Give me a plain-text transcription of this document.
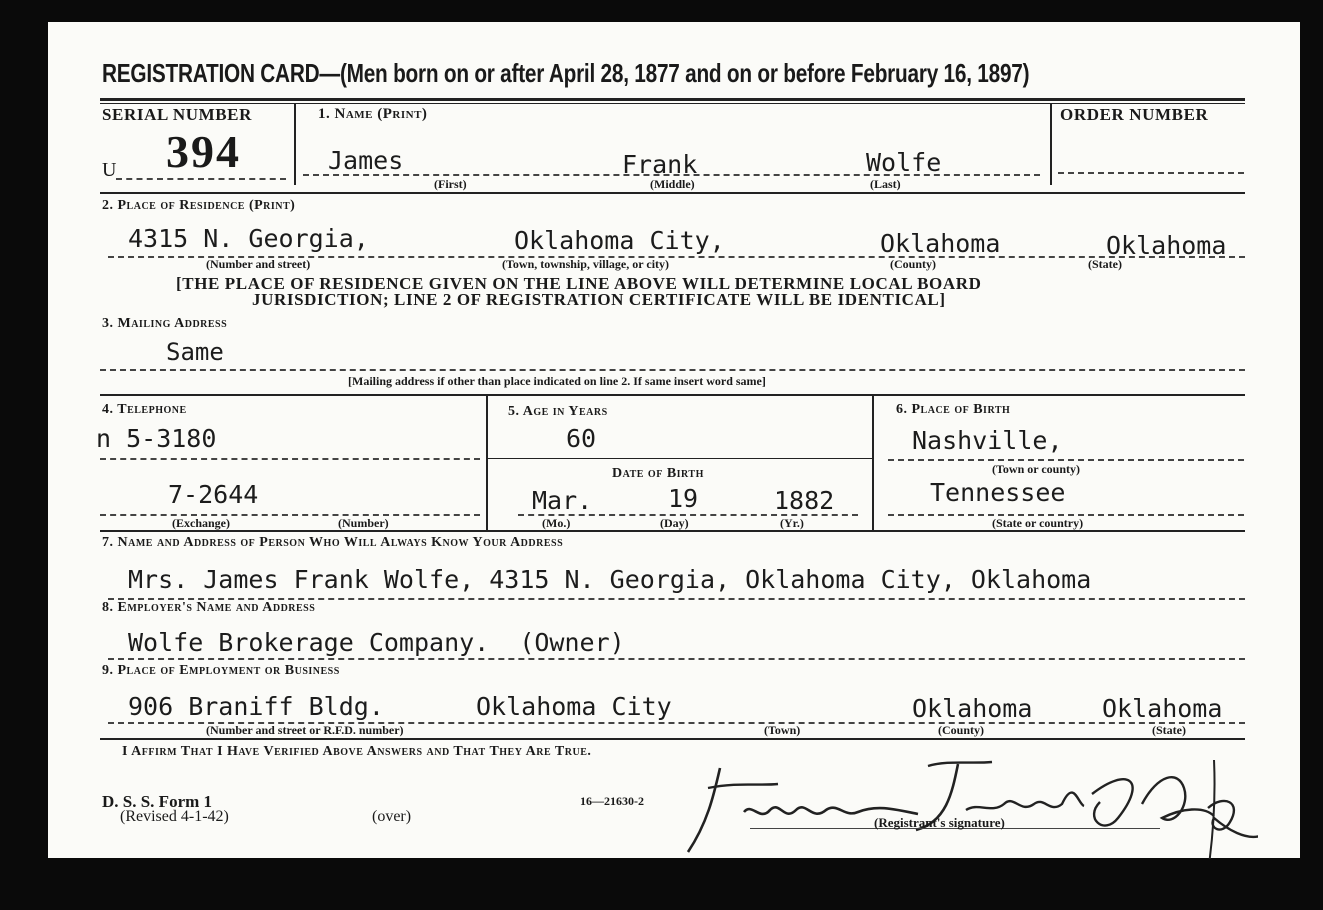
REGISTRATION CARD—(Men born on or after April 28, 1877 and on or before February 16, 1897)
SERIAL NUMBER
U 394
1. Name (Print)
James	Frank	Wolfe
(First)	(Middle)	(Last)
ORDER NUMBER
2. Place of Residence (Print)
4315 N. Georgia,	Oklahoma City,	Oklahoma	Oklahoma
(Number and street)	(Town, township, village, or city)	(County)	(State)
[THE PLACE OF RESIDENCE GIVEN ON THE LINE ABOVE WILL DETERMINE LOCAL BOARD
JURISDICTION; LINE 2 OF REGISTRATION CERTIFICATE WILL BE IDENTICAL]
3. Mailing Address
Same
[Mailing address if other than place indicated on line 2. If same insert word same]
4. Telephone
n 5-3180
7-2644
(Exchange)	(Number)
5. Age in Years
60
Date of Birth
Mar.	19	1882
(Mo.)	(Day)	(Yr.)
6. Place of Birth
Nashville,
(Town or county)
Tennessee
(State or country)
7. Name and Address of Person Who Will Always Know Your Address
Mrs. James Frank Wolfe, 4315 N. Georgia, Oklahoma City, Oklahoma
8. Employer's Name and Address
Wolfe Brokerage Company.  (Owner)
9. Place of Employment or Business
906 Braniff Bldg.	Oklahoma City	Oklahoma	Oklahoma
(Number and street or R.F.D. number)	(Town)	(County)	(State)
I Affirm That I Have Verified Above Answers and That They Are True.
D. S. S. Form 1
(Revised 4-1-42)	(over)
16—21630-2
(Registrant's signature)
